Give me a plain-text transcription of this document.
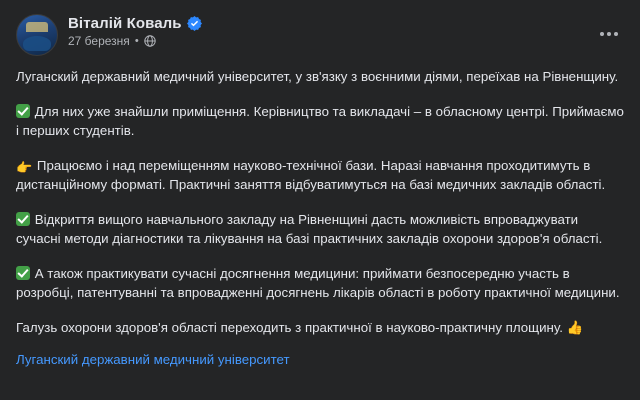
Віталій Коваль
27 березня •

Луганский державний медичний університет, у зв'язку з воєнними діями, переїхав на Рівненщину.

Для них уже знайшли приміщення. Керівництво та викладачі – в обласному центрі. Приймаємо і перших студентів.

👉 Працюємо і над переміщенням науково-технічної бази. Наразі навчання проходитимуть в дистанційному форматі. Практичні заняття відбуватимуться на базі медичних закладів області.

Відкриття вищого навчального закладу на Рівненщині дасть можливість впроваджувати сучасні методи діагностики та лікування на базі практичних закладів охорони здоров'я області.

А також практикувати сучасні досягнення медицини: приймати безпосередню участь в розробці, патентуванні та впровадженні досягнень лікарів області в роботу практичної медицини.

Галузь охорони здоров'я області переходить з практичної в науково-практичну площину. 👍

Луганский державний медичний університет
